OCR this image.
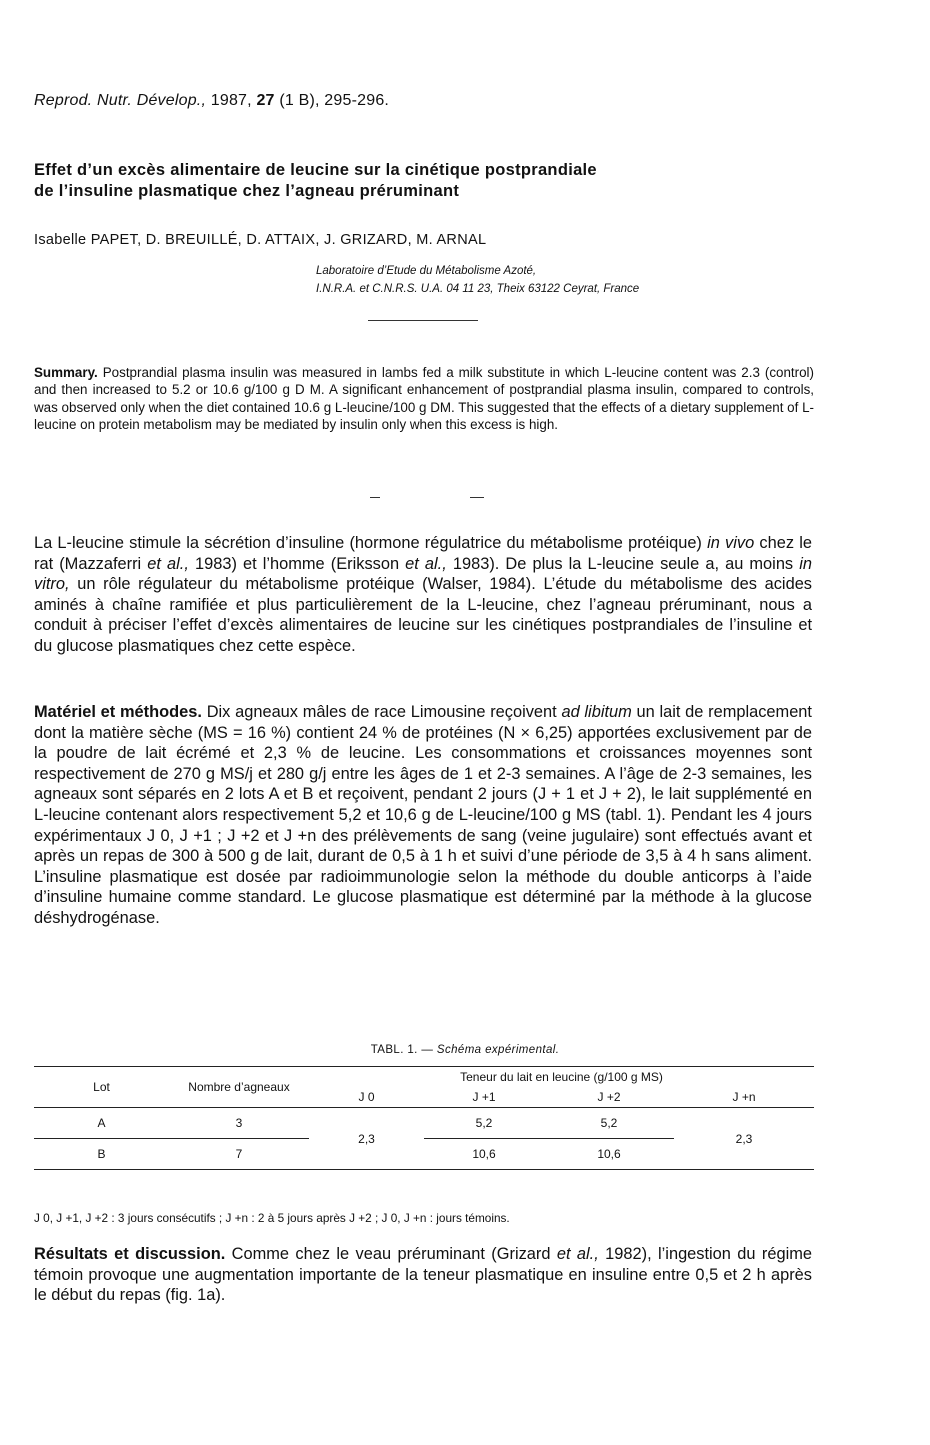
Reprod. Nutr. Dévelop., 1987, 27 (1 B), 295-296.
Effet d’un excès alimentaire de leucine sur la cinétique postprandiale
de l’insuline plasmatique chez l’agneau préruminant
Isabelle PAPET, D. BREUILLÉ, D. ATTAIX, J. GRIZARD, M. ARNAL
Laboratoire d’Etude du Métabolisme Azoté,
I.N.R.A. et C.N.R.S. U.A. 04 11 23, Theix 63122 Ceyrat, France
Summary. Postprandial plasma insulin was measured in lambs fed a milk substitute in which L-leucine content was 2.3 (control) and then increased to 5.2 or 10.6 g/100 g D M. A significant enhancement of postprandial plasma insulin, compared to controls, was observed only when the diet contained 10.6 g L-leucine/100 g DM. This suggested that the effects of a dietary supplement of L-leucine on protein metabolism may be mediated by insulin only when this excess is high.
La L-leucine stimule la sécrétion d’insuline (hormone régulatrice du métabolisme protéique) in vivo chez le rat (Mazzaferri et al., 1983) et l’homme (Eriksson et al., 1983). De plus la L-leucine seule a, au moins in vitro, un rôle régulateur du métabolisme protéique (Walser, 1984). L’étude du métabolisme des acides aminés à chaîne ramifiée et plus particulièrement de la L-leucine, chez l’agneau préruminant, nous a conduit à préciser l’effet d’excès alimentaires de leucine sur les cinétiques postprandiales de l’insuline et du glucose plasmatiques chez cette espèce.
Matériel et méthodes. Dix agneaux mâles de race Limousine reçoivent ad libitum un lait de remplacement dont la matière sèche (MS = 16 %) contient 24 % de protéines (N × 6,25) apportées exclusivement par de la poudre de lait écrémé et 2,3 % de leucine. Les consommations et croissances moyennes sont respectivement de 270 g MS/j et 280 g/j entre les âges de 1 et 2-3 semaines. A l’âge de 2-3 semaines, les agneaux sont séparés en 2 lots A et B et reçoivent, pendant 2 jours (J + 1 et J + 2), le lait supplémenté en L-leucine contenant alors respectivement 5,2 et 10,6 g de L-leucine/100 g MS (tabl. 1). Pendant les 4 jours expérimentaux J 0, J +1 ; J +2 et J +n des prélèvements de sang (veine jugulaire) sont effectués avant et après un repas de 300 à 500 g de lait, durant de 0,5 à 1 h et suivi d’une période de 3,5 à 4 h sans aliment. L’insuline plasmatique est dosée par radioimmunologie selon la méthode du double anticorps à l’aide d’insuline humaine comme standard. Le glucose plasmatique est déterminé par la méthode à la glucose déshydrogénase.
TABL. 1. — Schéma expérimental.
Lot	Nombre d’agneaux	Teneur du lait en leucine (g/100 g MS)			
		J 0	J +1	J +2	J +n
A	3	2,3	5,2	5,2	2,3
B	7		10,6	10,6	
J 0, J +1, J +2 : 3 jours consécutifs ; J +n : 2 à 5 jours après J +2 ; J 0, J +n : jours témoins.
Résultats et discussion. Comme chez le veau préruminant (Grizard et al., 1982), l’ingestion du régime témoin provoque une augmentation importante de la teneur plasmatique en insuline entre 0,5 et 2 h après le début du repas (fig. 1a).
